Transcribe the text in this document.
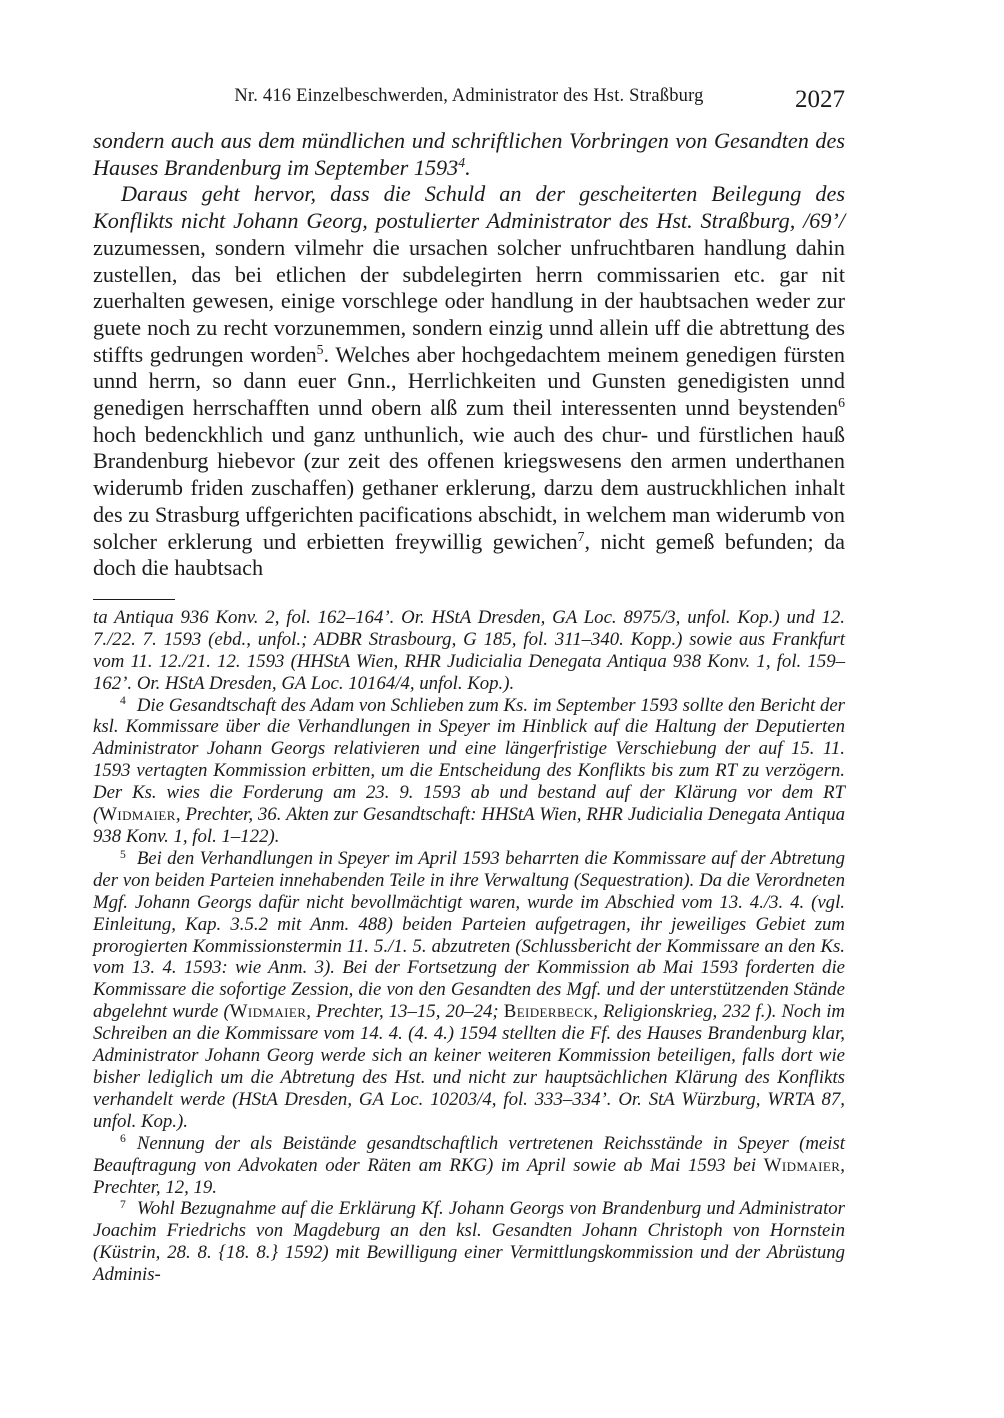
Nr. 416 Einzelbeschwerden, Administrator des Hst. Straßburg	2027

sondern auch aus dem mündlichen und schriftlichen Vorbringen von Gesandten des Hauses Brandenburg im September 1593$^4$.

Daraus geht hervor, dass die Schuld an der gescheiterten Beilegung des Konflikts nicht Johann Georg, postulierter Administrator des Hst. Straßburg, /69’/ zuzumessen, sondern vilmehr die ursachen solcher unfruchtbaren handlung dahin zustellen, das bei etlichen der subdelegirten herrn commissarien etc. gar nit zuerhalten gewesen, einige vorschlege oder handlung in der haubtsachen weder zur guete noch zu recht vorzunemmen, sondern einzig unnd allein uff die abtrettung des stiffts gedrungen worden$^5$. Welches aber hochgedachtem meinem genedigen fürsten unnd herrn, so dann euer Gnn., Herrlichkeiten und Gunsten genedigisten unnd genedigen herrschafften unnd obern alß zum theil interessenten unnd beystenden$^6$ hoch bedenckhlich und ganz unthunlich, wie auch des chur- und fürstlichen hauß Brandenburg hiebevor (zur zeit des offenen kriegswesens den armen underthanen widerumb friden zuschaffen) gethaner erklerung, darzu dem austruckhlichen inhalt des zu Strasburg uffgerichten pacifications abschidt, in welchem man widerumb von solcher erklerung und erbietten freywillig gewichen$^7$, nicht gemeß befunden; da doch die haubtsach

ta Antiqua 936 Konv. 2, fol. 162–164’. Or. HStA Dresden, GA Loc. 8975/3, unfol. Kop.) und 12. 7./22. 7. 1593 (ebd., unfol.; ADBR Strasbourg, G 185, fol. 311–340. Kopp.) sowie aus Frankfurt vom 11. 12./21. 12. 1593 (HHStA Wien, RHR Judicialia Denegata Antiqua 938 Konv. 1, fol. 159–162’. Or. HStA Dresden, GA Loc. 10164/4, unfol. Kop.).

$^4$ Die Gesandtschaft des Adam von Schlieben zum Ks. im September 1593 sollte den Bericht der ksl. Kommissare über die Verhandlungen in Speyer im Hinblick auf die Haltung der Deputierten Administrator Johann Georgs relativieren und eine längerfristige Verschiebung der auf 15. 11. 1593 vertagten Kommission erbitten, um die Entscheidung des Konflikts bis zum RT zu verzögern. Der Ks. wies die Forderung am 23. 9. 1593 ab und bestand auf der Klärung vor dem RT (Widmaier, Prechter, 36. Akten zur Gesandtschaft: HHStA Wien, RHR Judicialia Denegata Antiqua 938 Konv. 1, fol. 1–122).

$^5$ Bei den Verhandlungen in Speyer im April 1593 beharrten die Kommissare auf der Abtretung der von beiden Parteien innehabenden Teile in ihre Verwaltung (Sequestration). Da die Verordneten Mgf. Johann Georgs dafür nicht bevollmächtigt waren, wurde im Abschied vom 13. 4./3. 4. (vgl. Einleitung, Kap. 3.5.2 mit Anm. 488) beiden Parteien aufgetragen, ihr jeweiliges Gebiet zum prorogierten Kommissionstermin 11. 5./1. 5. abzutreten (Schlussbericht der Kommissare an den Ks. vom 13. 4. 1593: wie Anm. 3). Bei der Fortsetzung der Kommission ab Mai 1593 forderten die Kommissare die sofortige Zession, die von den Gesandten des Mgf. und der unterstützenden Stände abgelehnt wurde (Widmaier, Prechter, 13–15, 20–24; Beiderbeck, Religionskrieg, 232 f.). Noch im Schreiben an die Kommissare vom 14. 4. (4. 4.) 1594 stellten die Ff. des Hauses Brandenburg klar, Administrator Johann Georg werde sich an keiner weiteren Kommission beteiligen, falls dort wie bisher lediglich um die Abtretung des Hst. und nicht zur hauptsächlichen Klärung des Konflikts verhandelt werde (HStA Dresden, GA Loc. 10203/4, fol. 333–334’. Or. StA Würzburg, WRTA 87, unfol. Kop.).

$^6$ Nennung der als Beistände gesandtschaftlich vertretenen Reichsstände in Speyer (meist Beauftragung von Advokaten oder Räten am RKG) im April sowie ab Mai 1593 bei Widmaier, Prechter, 12, 19.

$^7$ Wohl Bezugnahme auf die Erklärung Kf. Johann Georgs von Brandenburg und Administrator Joachim Friedrichs von Magdeburg an den ksl. Gesandten Johann Christoph von Hornstein (Küstrin, 28. 8. {18. 8.} 1592) mit Bewilligung einer Vermittlungskommission und der Abrüstung Adminis-
